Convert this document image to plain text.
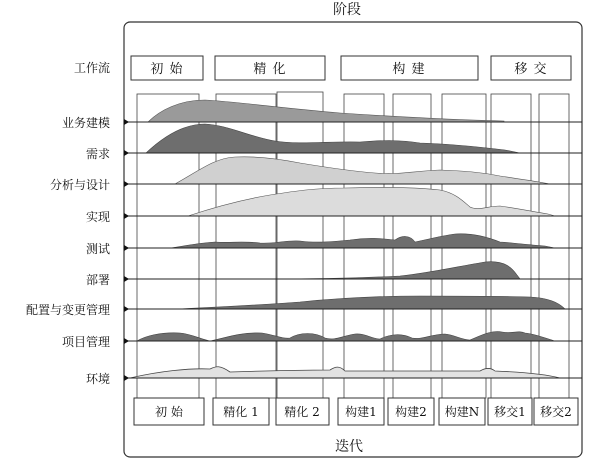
阶段
迭代
工作流	初 始	精 化	构 建	移 交
业务建模
需求
分析与设计
实现
测试
部署
配置与变更管理
项目管理
环境
初 始	精化 1 精化 2 构建1 构建2 构建N 移交1 移交2
